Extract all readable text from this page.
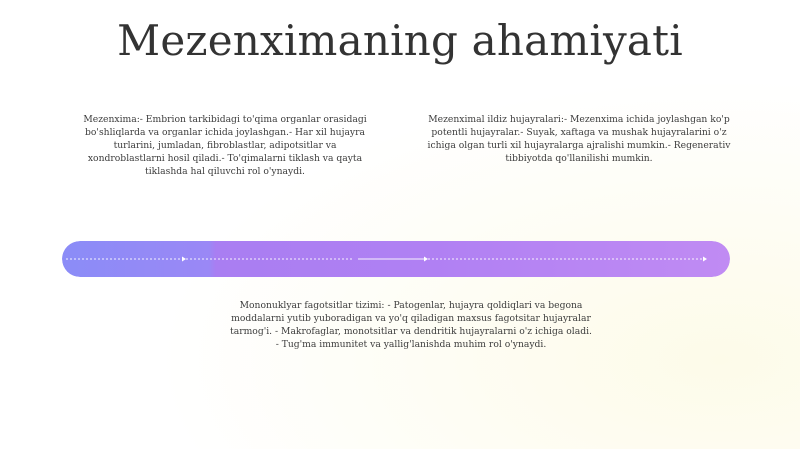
Mezenximaning ahamiyati
Mezenxima:- Embrion tarkibidagi to'qima organlar orasidagi bo'shliqlarda va organlar ichida joylashgan.- Har xil hujayra turlarini, jumladan, fibroblastlar, adipotsitlar va xondroblastlarni hosil qiladi.- To'qimalarni tiklash va qayta tiklashda hal qiluvchi rol o'ynaydi.
Mezenximal ildiz hujayralari:- Mezenxima ichida joylashgan ko'p potentli hujayralar.- Suyak, xaftaga va mushak hujayralarini o'z ichiga olgan turli xil hujayralarga ajralishi mumkin.- Regenerativ tibbiyotda qo'llanilishi mumkin.
Mononuklyar fagotsitlar tizimi: - Patogenlar, hujayra qoldiqlari va begona moddalarni yutib yuboradigan va yo'q qiladigan maxsus fagotsitar hujayralar tarmog'i. - Makrofaglar, monotsitlar va dendritik hujayralarni o'z ichiga oladi. - Tug'ma immunitet va yallig'lanishda muhim rol o'ynaydi.
